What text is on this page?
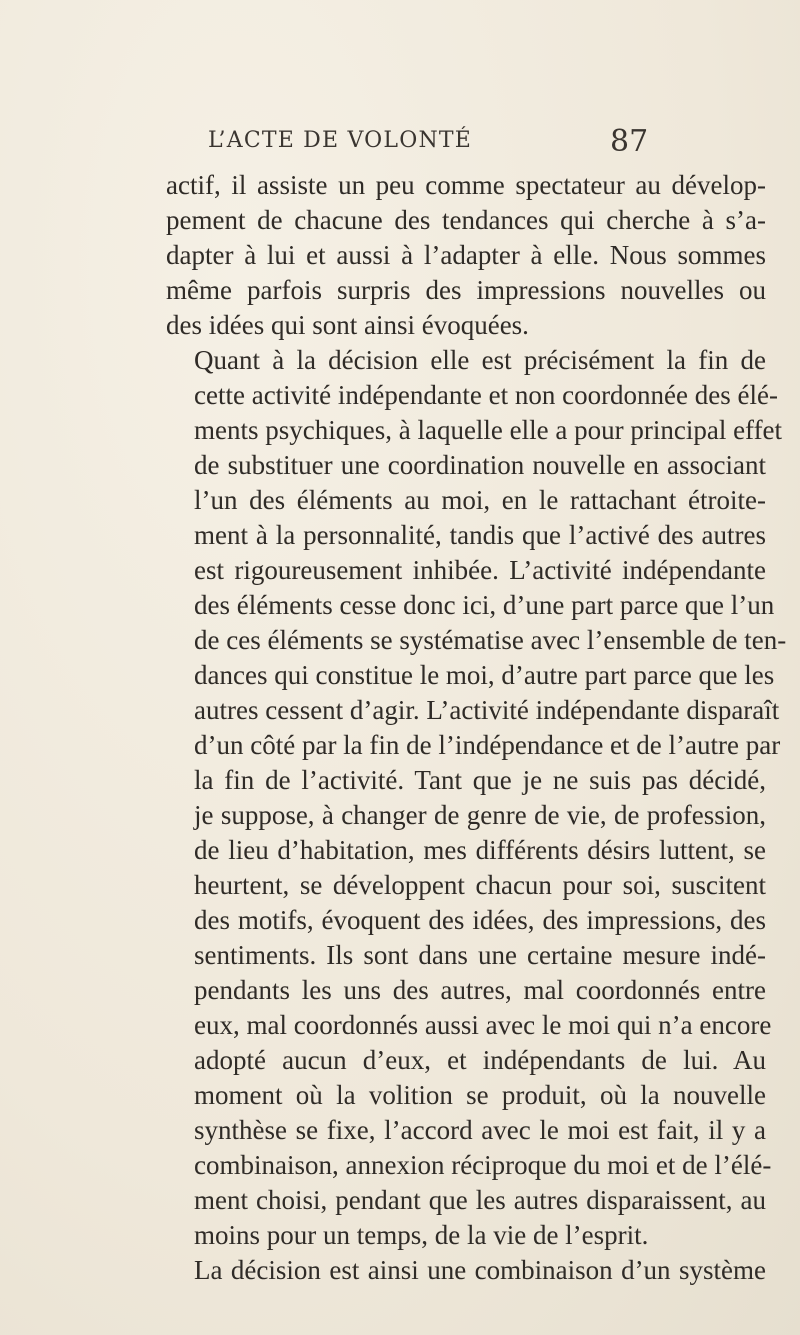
L’ACTE DE VOLONTÉ	87

actif, il assiste un peu comme spectateur au dévelop-
pement de chacune des tendances qui cherche à s’a-
dapter à lui et aussi à l’adapter à elle. Nous sommes
même parfois surpris des impressions nouvelles ou
des idées qui sont ainsi évoquées.

Quant à la décision elle est précisément la fin de
cette activité indépendante et non coordonnée des élé-
ments psychiques, à laquelle elle a pour principal effet
de substituer une coordination nouvelle en associant
l’un des éléments au moi, en le rattachant étroite-
ment à la personnalité, tandis que l’activé des autres
est rigoureusement inhibée. L’activité indépendante
des éléments cesse donc ici, d’une part parce que l’un
de ces éléments se systématise avec l’ensemble de ten-
dances qui constitue le moi, d’autre part parce que les
autres cessent d’agir. L’activité indépendante disparaît
d’un côté par la fin de l’indépendance et de l’autre par
la fin de l’activité. Tant que je ne suis pas décidé,
je suppose, à changer de genre de vie, de profession,
de lieu d’habitation, mes différents désirs luttent, se
heurtent, se développent chacun pour soi, suscitent
des motifs, évoquent des idées, des impressions, des
sentiments. Ils sont dans une certaine mesure indé-
pendants les uns des autres, mal coordonnés entre
eux, mal coordonnés aussi avec le moi qui n’a encore
adopté aucun d’eux, et indépendants de lui. Au
moment où la volition se produit, où la nouvelle
synthèse se fixe, l’accord avec le moi est fait, il y a
combinaison, annexion réciproque du moi et de l’élé-
ment choisi, pendant que les autres disparaissent, au
moins pour un temps, de la vie de l’esprit.

La décision est ainsi une combinaison d’un système
